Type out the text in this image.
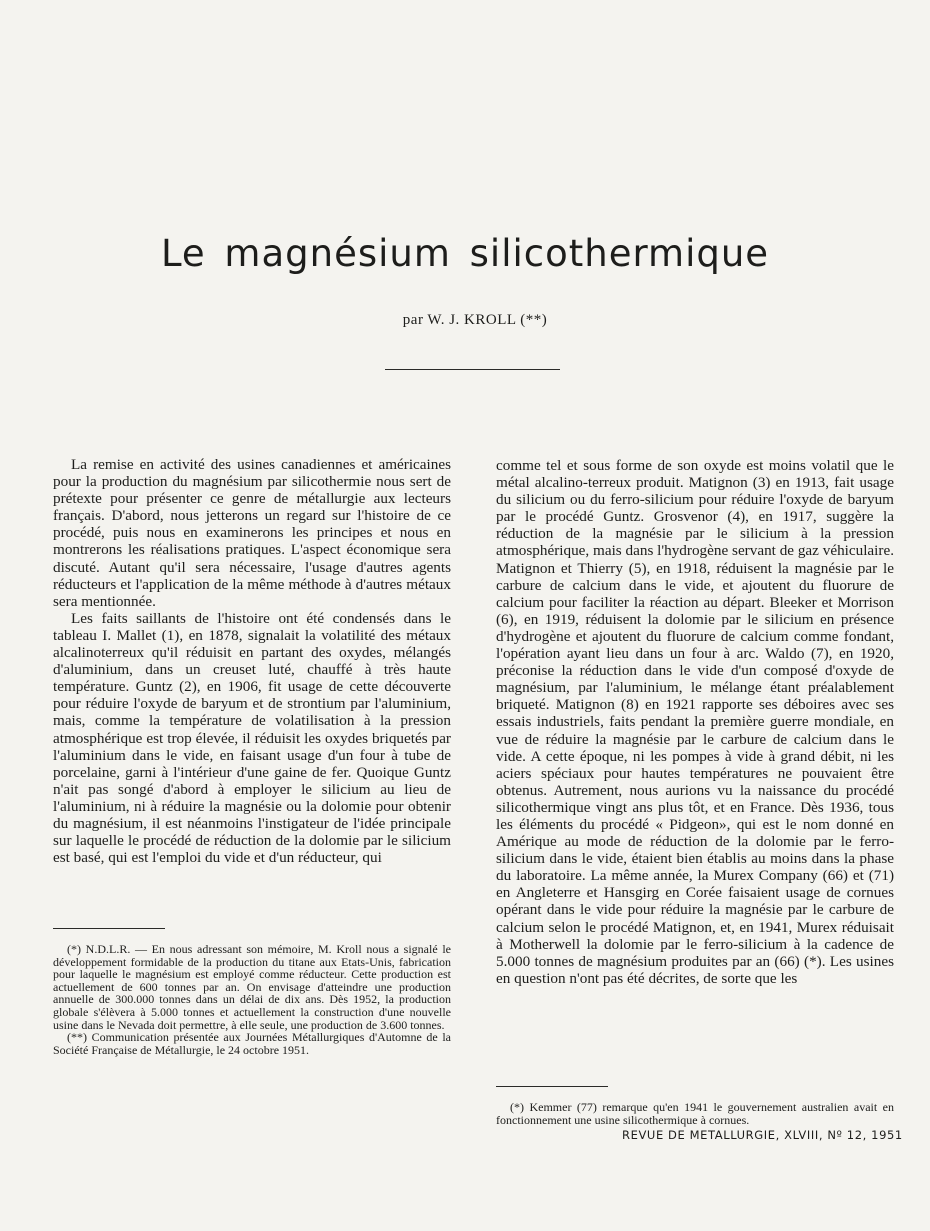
Le magnésium silicothermique
par W. J. KROLL (**)

La remise en activité des usines canadiennes et américaines pour la production du magnésium par silicothermie nous sert de prétexte pour présenter ce genre de métallurgie aux lecteurs français. D'abord, nous jetterons un regard sur l'histoire de ce procédé, puis nous en examinerons les principes et nous en montrerons les réalisations pratiques. L'aspect économique sera discuté. Autant qu'il sera nécessaire, l'usage d'autres agents réducteurs et l'application de la même méthode à d'autres métaux sera mentionnée.

Les faits saillants de l'histoire ont été condensés dans le tableau I. Mallet (1), en 1878, signalait la volatilité des métaux alcalinoterreux qu'il réduisit en partant des oxydes, mélangés d'aluminium, dans un creuset luté, chauffé à très haute température. Guntz (2), en 1906, fit usage de cette découverte pour réduire l'oxyde de baryum et de strontium par l'aluminium, mais, comme la température de volatilisation à la pression atmosphérique est trop élevée, il réduisit les oxydes briquetés par l'aluminium dans le vide, en faisant usage d'un four à tube de porcelaine, garni à l'intérieur d'une gaine de fer. Quoique Guntz n'ait pas songé d'abord à employer le silicium au lieu de l'aluminium, ni à réduire la magnésie ou la dolomie pour obtenir du magnésium, il est néanmoins l'instigateur de l'idée principale sur laquelle le procédé de réduction de la dolomie par le silicium est basé, qui est l'emploi du vide et d'un réducteur, qui

comme tel et sous forme de son oxyde est moins volatil que le métal alcalino-terreux produit. Matignon (3) en 1913, fait usage du silicium ou du ferro-silicium pour réduire l'oxyde de baryum par le procédé Guntz. Grosvenor (4), en 1917, suggère la réduction de la magnésie par le silicium à la pression atmosphérique, mais dans l'hydrogène servant de gaz véhiculaire. Matignon et Thierry (5), en 1918, réduisent la magnésie par le carbure de calcium dans le vide, et ajoutent du fluorure de calcium pour faciliter la réaction au départ. Bleeker et Morrison (6), en 1919, réduisent la dolomie par le silicium en présence d'hydrogène et ajoutent du fluorure de calcium comme fondant, l'opération ayant lieu dans un four à arc. Waldo (7), en 1920, préconise la réduction dans le vide d'un composé d'oxyde de magnésium, par l'aluminium, le mélange étant préalablement briqueté. Matignon (8) en 1921 rapporte ses déboires avec ses essais industriels, faits pendant la première guerre mondiale, en vue de réduire la magnésie par le carbure de calcium dans le vide. A cette époque, ni les pompes à vide à grand débit, ni les aciers spéciaux pour hautes températures ne pouvaient être obtenus. Autrement, nous aurions vu la naissance du procédé silicothermique vingt ans plus tôt, et en France. Dès 1936, tous les éléments du procédé « Pidgeon», qui est le nom donné en Amérique au mode de réduction de la dolomie par le ferro-silicium dans le vide, étaient bien établis au moins dans la phase du laboratoire. La même année, la Murex Company (66) et (71) en Angleterre et Hansgirg en Corée faisaient usage de cornues opérant dans le vide pour réduire la magnésie par le carbure de calcium selon le procédé Matignon, et, en 1941, Murex réduisait à Motherwell la dolomie par le ferro-silicium à la cadence de 5.000 tonnes de magnésium produites par an (66) (*). Les usines en question n'ont pas été décrites, de sorte que les

(*) N.D.L.R. — En nous adressant son mémoire, M. Kroll nous a signalé le développement formidable de la production du titane aux Etats-Unis, fabrication pour laquelle le magnésium est employé comme réducteur. Cette production est actuellement de 600 tonnes par an. On envisage d'atteindre une production annuelle de 300.000 tonnes dans un délai de dix ans. Dès 1952, la production globale s'élèvera à 5.000 tonnes et actuellement la construction d'une nouvelle usine dans le Nevada doit permettre, à elle seule, une production de 3.600 tonnes.

(**) Communication présentée aux Journées Métallurgiques d'Automne de la Société Française de Métallurgie, le 24 octobre 1951.

(*) Kemmer (77) remarque qu'en 1941 le gouvernement australien avait en fonctionnement une usine silicothermique à cornues.

REVUE DE METALLURGIE, XLVIII, Nº 12, 1951
